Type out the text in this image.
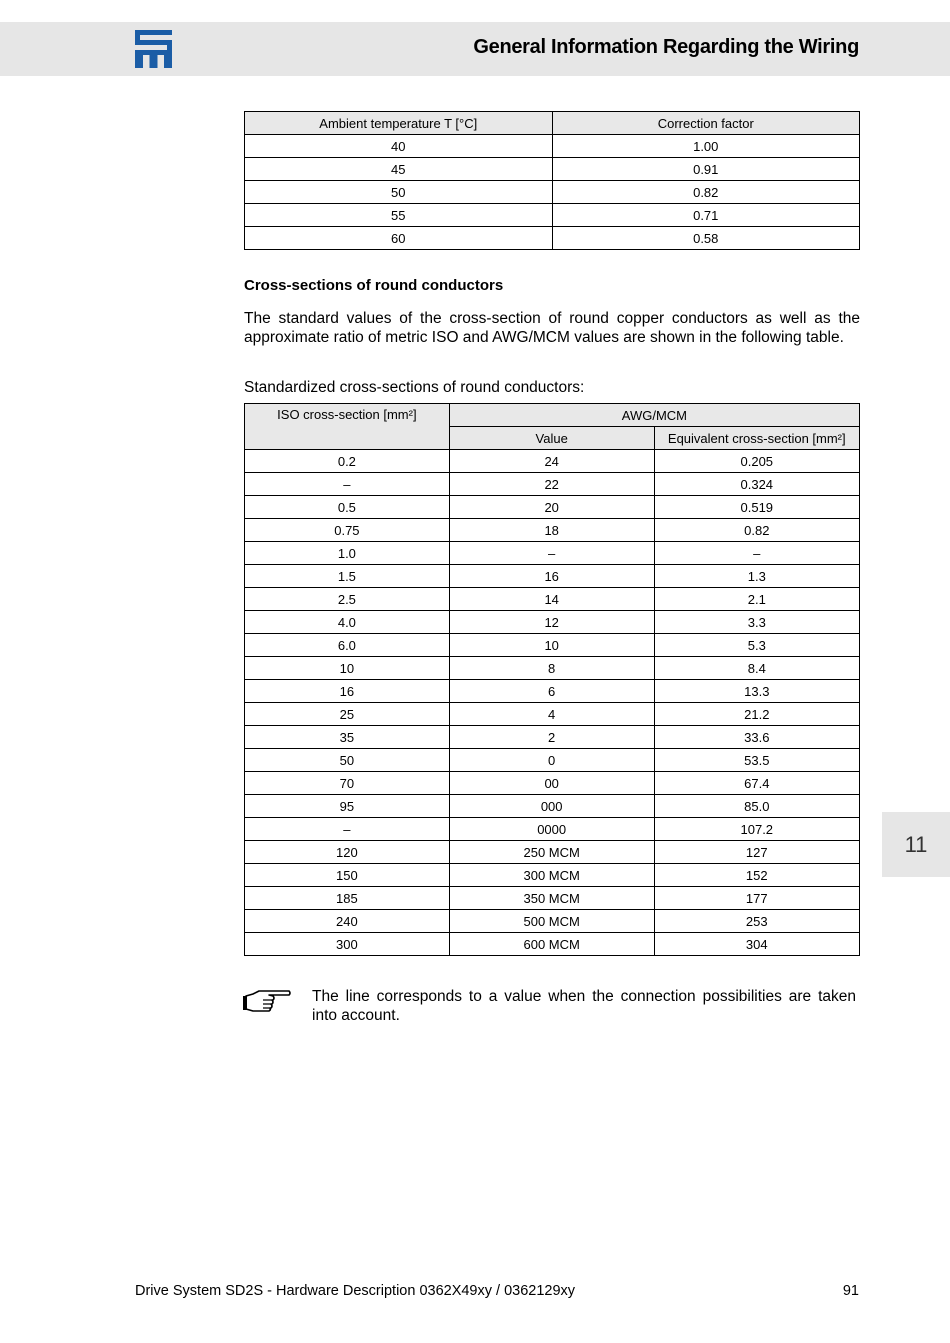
General Information Regarding the Wiring
11
Ambient temperature T [°C]	Correction factor
40	1.00
45	0.91
50	0.82
55	0.71
60	0.58
Cross-sections of round conductors
The standard values of the cross-section of round copper conductors as well as the approximate ratio of metric ISO and AWG/MCM values are shown in the following table.
Standardized cross-sections of round conductors:
ISO cross-section [mm²]	AWG/MCM	
	Value	Equivalent cross-section [mm²]
0.2	24	0.205
–	22	0.324
0.5	20	0.519
0.75	18	0.82
1.0	–	–
1.5	16	1.3
2.5	14	2.1
4.0	12	3.3
6.0	10	5.3
10	8	8.4
16	6	13.3
25	4	21.2
35	2	33.6
50	0	53.5
70	00	67.4
95	000	85.0
–	0000	107.2
120	250 MCM	127
150	300 MCM	152
185	350 MCM	177
240	500 MCM	253
300	600 MCM	304
The line corresponds to a value when the connection possibilities are taken into account.
Drive System SD2S - Hardware Description 0362X49xy / 0362129xy	91
